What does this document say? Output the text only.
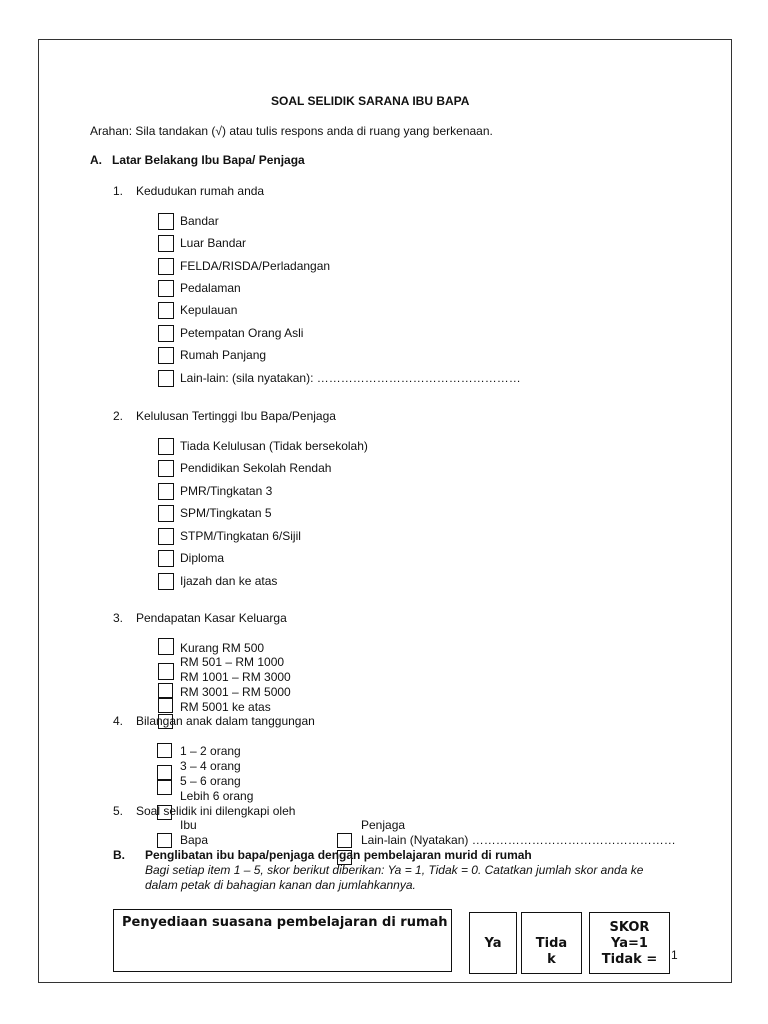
SOAL SELIDIK SARANA IBU BAPA
Arahan: Sila tandakan (√) atau tulis respons anda di ruang yang berkenaan.
A. Latar Belakang Ibu Bapa/ Penjaga
1. Kedudukan rumah anda
Bandar
Luar Bandar
FELDA/RISDA/Perladangan
Pedalaman
Kepulauan
Petempatan Orang Asli
Rumah Panjang
Lain-lain: (sila nyatakan): ……………………………………………
2. Kelulusan Tertinggi Ibu Bapa/Penjaga
Tiada Kelulusan (Tidak bersekolah)
Pendidikan Sekolah Rendah
PMR/Tingkatan 3
SPM/Tingkatan 5
STPM/Tingkatan 6/Sijil
Diploma
Ijazah dan ke atas
3. Pendapatan Kasar Keluarga
Kurang RM 500
RM 501 – RM 1000
RM 1001 – RM 3000
RM 3001 – RM 5000
RM 5001 ke atas
4. Bilangan anak dalam tanggungan
1 – 2 orang
3 – 4 orang
5 – 6 orang
Lebih 6 orang
5. Soal selidik ini dilengkapi oleh
Ibu
Bapa
Penjaga
Lain-lain (Nyatakan) ……………………………………………
B. Penglibatan ibu bapa/penjaga dengan pembelajaran murid di rumah
Bagi setiap item 1 – 5, skor berikut diberikan: Ya = 1, Tidak = 0. Catatkan jumlah skor anda ke
dalam petak di bahagian kanan dan jumlahkannya.
Penyediaan suasana pembelajaran di rumah
Ya	Tida
k
SKOR
Ya=1
Tidak =	1
